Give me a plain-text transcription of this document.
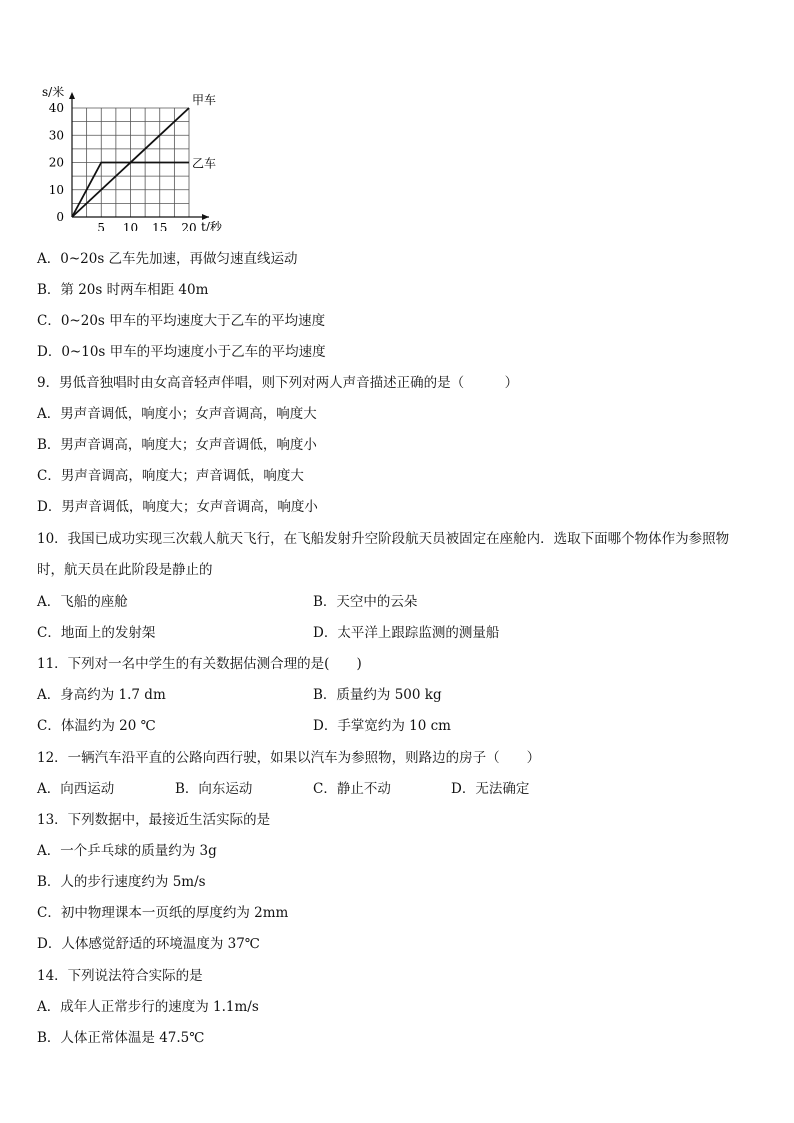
s/米
t/秒
0
10
20
30
40
5 10 15 20
甲车
乙车
A．0~20s 乙车先加速，再做匀速直线运动
B．第 20s 时两车相距 40m
C．0~20s 甲车的平均速度大于乙车的平均速度
D．0~10s 甲车的平均速度小于乙车的平均速度
9．男低音独唱时由女高音轻声伴唱，则下列对两人声音描述正确的是（　　　）
A．男声音调低，响度小；女声音调高，响度大
B．男声音调高，响度大；女声音调低，响度小
C．男声音调高，响度大；声音调低，响度大
D．男声音调低，响度大；女声音调高，响度小
10．我国已成功实现三次载人航天飞行，在飞船发射升空阶段航天员被固定在座舱内．选取下面哪个物体作为参照物
时，航天员在此阶段是静止的
A．飞船的座舱	B．天空中的云朵
C．地面上的发射架	D．太平洋上跟踪监测的测量船
11．下列对一名中学生的有关数据估测合理的是(　　)
A．身高约为 1.7 dm	B．质量约为 500 kg
C．体温约为 20 ℃	D．手掌宽约为 10 cm
12．一辆汽车沿平直的公路向西行驶，如果以汽车为参照物，则路边的房子（　　）
A．向西运动	B．向东运动	C．静止不动	D．无法确定
13．下列数据中，最接近生活实际的是
A．一个乒乓球的质量约为 3g
B．人的步行速度约为 5m/s
C．初中物理课本一页纸的厚度约为 2mm
D．人体感觉舒适的环境温度为 37℃
14．下列说法符合实际的是
A．成年人正常步行的速度为 1.1m/s
B．人体正常体温是 47.5℃
